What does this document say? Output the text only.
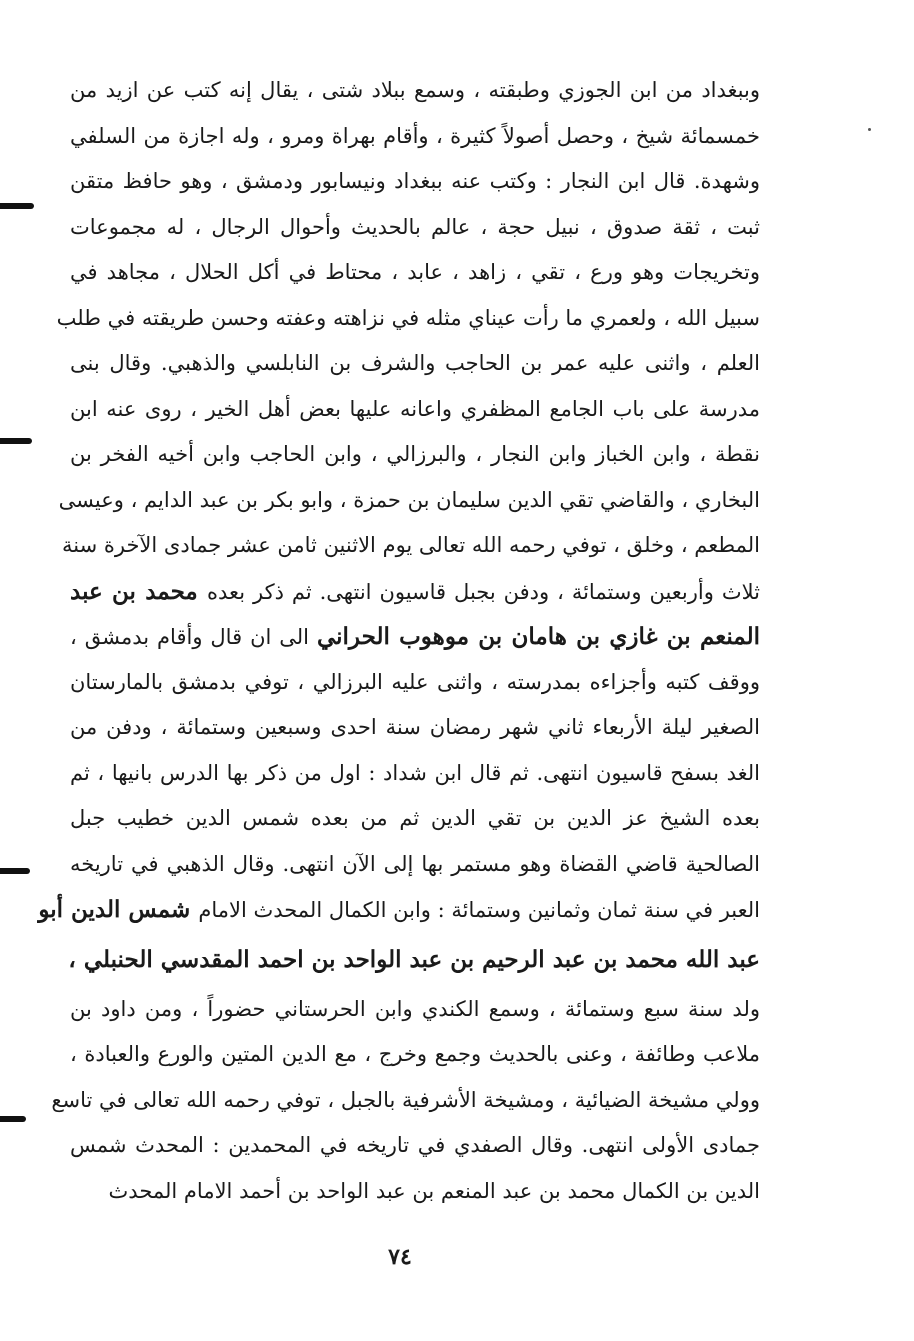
وببغداد من ابن الجوزي وطبقته ، وسمع ببلاد شتى ، يقال إنه كتب عن ازيد من
خمسمائة شيخ ، وحصل أصولاً كثيرة ، وأقام بهراة ومرو ، وله اجازة من السلفي
وشهدة. قال ابن النجار : وكتب عنه ببغداد ونيسابور ودمشق ، وهو حافظ متقن
ثبت ، ثقة صدوق ، نبيل حجة ، عالم بالحديث وأحوال الرجال ، له مجموعات
وتخريجات وهو ورع ، تقي ، زاهد ، عابد ، محتاط في أكل الحلال ، مجاهد في
سبيل الله ، ولعمري ما رأت عيناي مثله في نزاهته وعفته وحسن طريقته في طلب
العلم ، واثنى عليه عمر بن الحاجب والشرف بن النابلسي والذهبي. وقال بنى
مدرسة على باب الجامع المظفري واعانه عليها بعض أهل الخير ، روى عنه ابن
نقطة ، وابن الخباز وابن النجار ، والبرزالي ، وابن الحاجب وابن أخيه الفخر بن
البخاري ، والقاضي تقي الدين سليمان بن حمزة ، وابو بكر بن عبد الدايم ، وعيسى
المطعم ، وخلق ، توفي رحمه الله تعالى يوم الاثنين ثامن عشر جمادى الآخرة سنة
ثلاث وأربعين وستمائة ، ودفن بجبل قاسيون انتهى. ثم ذكر بعده محمد بن عبد
المنعم بن غازي بن هامان بن موهوب الحراني الى ان قال وأقام بدمشق ،
ووقف كتبه وأجزاءه بمدرسته ، واثنى عليه البرزالي ، توفي بدمشق بالمارستان
الصغير ليلة الأربعاء ثاني شهر رمضان سنة احدى وسبعين وستمائة ، ودفن من
الغد بسفح قاسيون انتهى. ثم قال ابن شداد : اول من ذكر بها الدرس بانيها ، ثم
بعده الشيخ عز الدين بن تقي الدين ثم من بعده شمس الدين خطيب جبل
الصالحية قاضي القضاة وهو مستمر بها إلى الآن انتهى. وقال الذهبي في تاريخه
العبر في سنة ثمان وثمانين وستمائة : وابن الكمال المحدث الامام شمس الدين أبو
عبد الله محمد بن عبد الرحيم بن عبد الواحد بن احمد المقدسي الحنبلي ،
ولد سنة سبع وستمائة ، وسمع الكندي وابن الحرستاني حضوراً ، ومن داود بن
ملاعب وطائفة ، وعنى بالحديث وجمع وخرج ، مع الدين المتين والورع والعبادة ،
وولي مشيخة الضيائية ، ومشيخة الأشرفية بالجبل ، توفي رحمه الله تعالى في تاسع
جمادى الأولى انتهى. وقال الصفدي في تاريخه في المحمدين : المحدث شمس
الدين بن الكمال محمد بن عبد المنعم بن عبد الواحد بن أحمد الامام المحدث
٧٤
